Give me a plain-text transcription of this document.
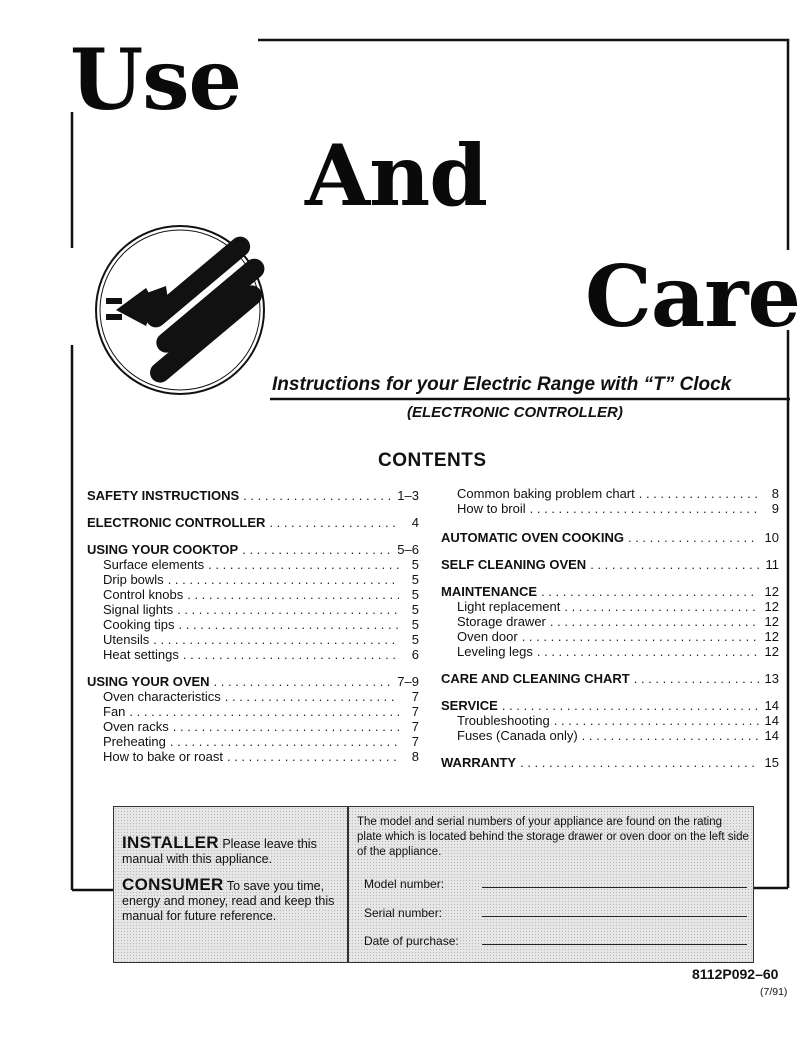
Use
And
Care
Instructions for your Electric Range with “T” Clock
(ELECTRONIC CONTROLLER)
CONTENTS
SAFETY INSTRUCTIONS . . .	1–3
ELECTRONIC CONTROLLER . . .	4
USING YOUR COOKTOP . . .	5–6
Surface elements . . .	5
Drip bowls . . .	5
Control knobs . . .	5
Signal lights . . .	5
Cooking tips . . .	5
Utensils . . .	5
Heat settings . . .	6
USING YOUR OVEN . . .	7–9
Oven characteristics . . .	7
Fan . . .	7
Oven racks . . .	7
Preheating . . .	7
How to bake or roast . . .	8
Common baking problem chart . . .	8
How to broil . . .	9
AUTOMATIC OVEN COOKING . . .	10
SELF CLEANING OVEN . . .	11
MAINTENANCE . . .	12
Light replacement . . .	12
Storage drawer . . .	12
Oven door . . .	12
Leveling legs . . .	12
CARE AND CLEANING CHART . . .	13
SERVICE . . .	14
Troubleshooting . . .	14
Fuses (Canada only) . . .	14
WARRANTY . . .	15

INSTALLER Please leave this manual with this appliance.

CONSUMER To save you time, energy and money, read and keep this manual for future reference.

The model and serial numbers of your appliance are found on the rating plate which is located behind the storage drawer or oven door on the left side of the appliance.
Model number:
Serial number:
Date of purchase:
8112P092–60
(7/91)
